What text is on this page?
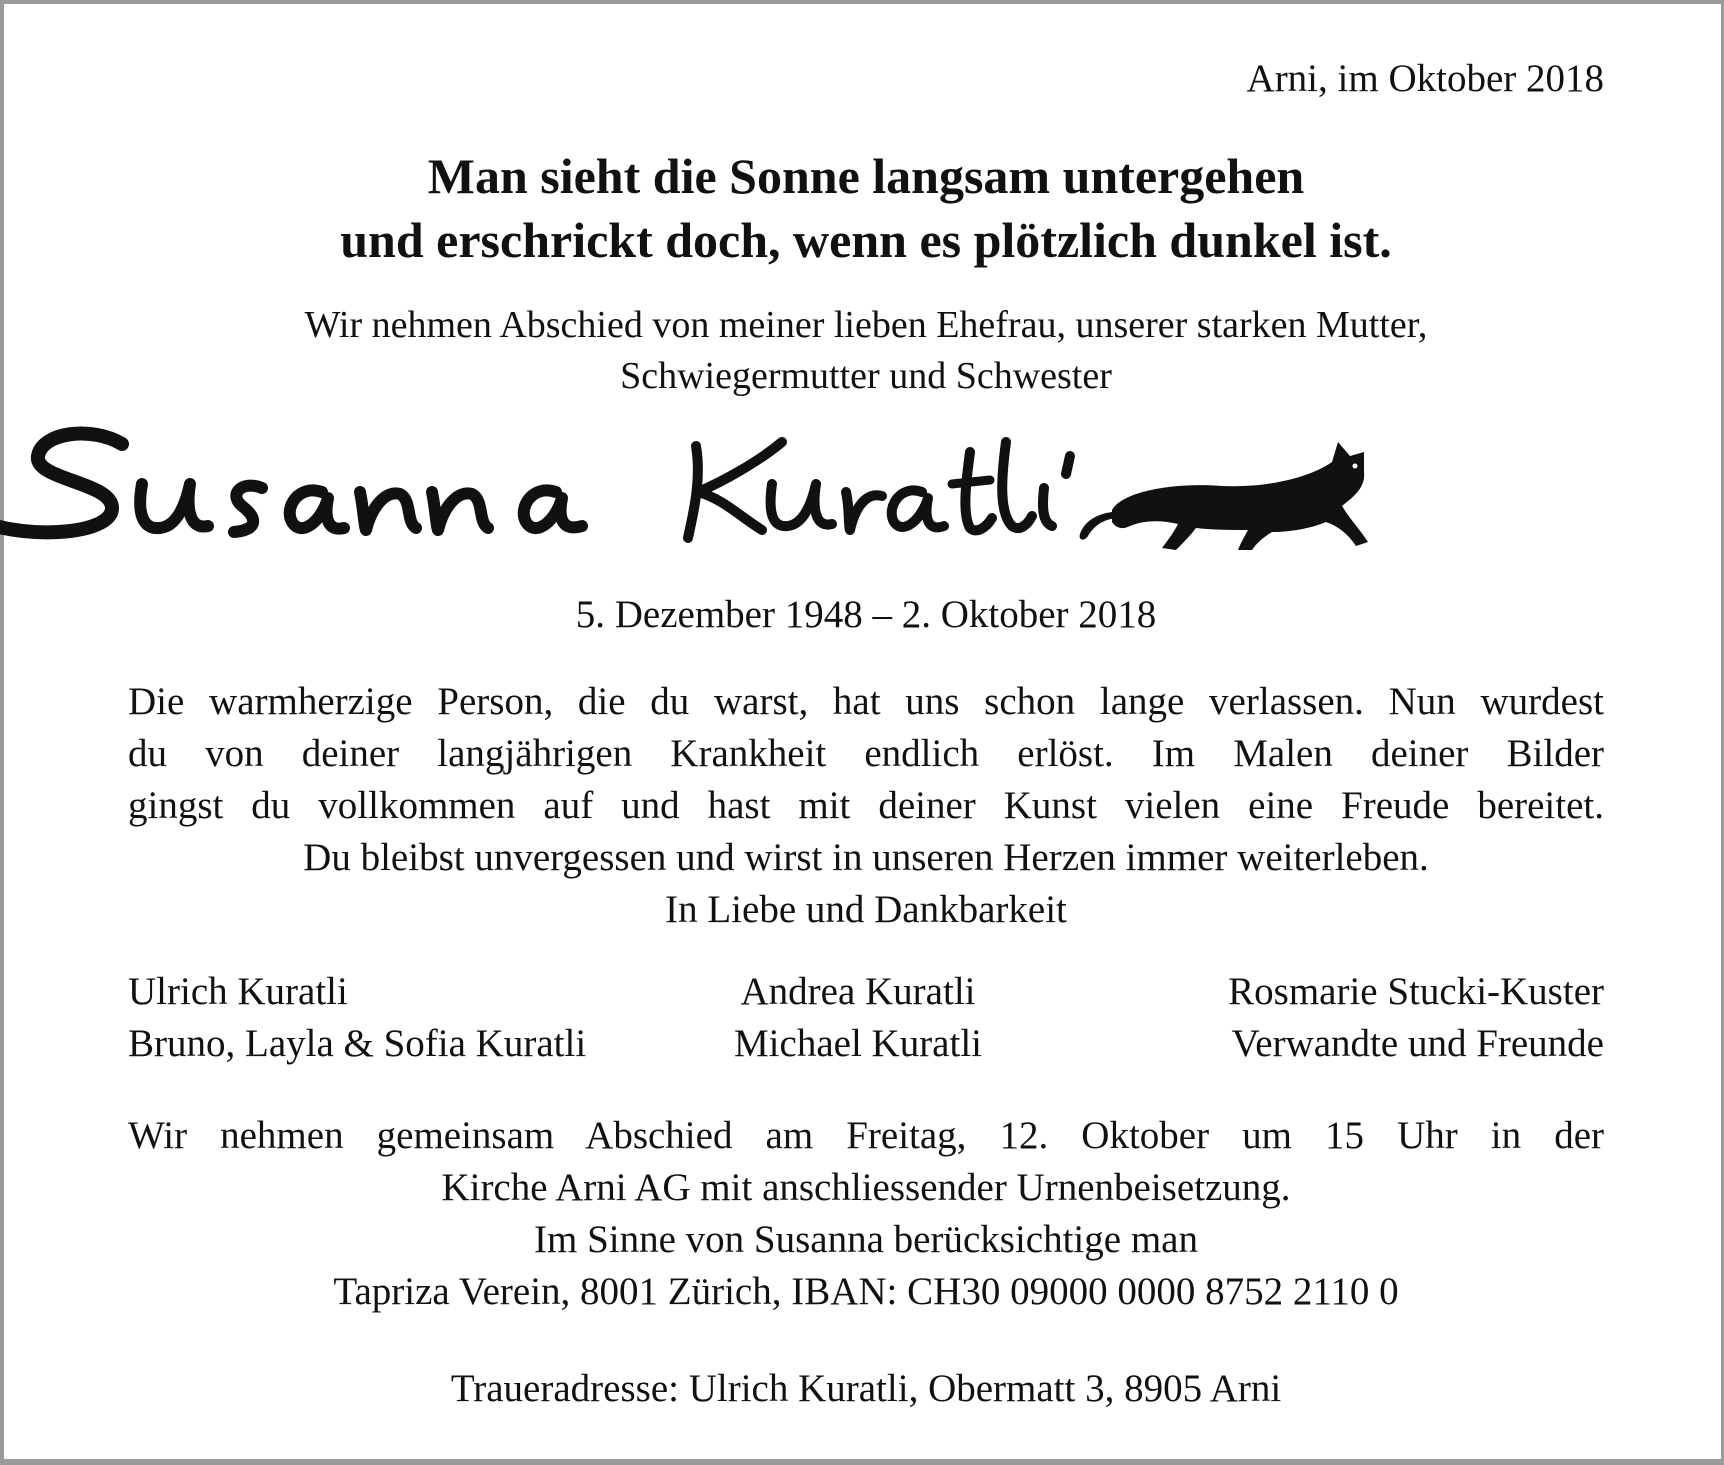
Arni, im Oktober 2018
Man sieht die Sonne langsam untergehen
und erschrickt doch, wenn es plötzlich dunkel ist.
Wir nehmen Abschied von meiner lieben Ehefrau, unserer starken Mutter,
Schwiegermutter und Schwester
5. Dezember 1948 – 2. Oktober 2018
Die warmherzige Person, die du warst, hat uns schon lange verlassen. Nun wurdest
du von deiner langjährigen Krankheit endlich erlöst. Im Malen deiner Bilder
gingst du vollkommen auf und hast mit deiner Kunst vielen eine Freude bereitet.
Du bleibst unvergessen und wirst in unseren Herzen immer weiterleben.
In Liebe und Dankbarkeit
Ulrich Kuratli
Bruno, Layla & Sofia Kuratli
Andrea Kuratli
Michael Kuratli
Rosmarie Stucki-Kuster
Verwandte und Freunde
Wir nehmen gemeinsam Abschied am Freitag, 12. Oktober um 15 Uhr in der
Kirche Arni AG mit anschliessender Urnenbeisetzung.
Im Sinne von Susanna berücksichtige man
Tapriza Verein, 8001 Zürich, IBAN: CH30 09000 0000 8752 2110 0
Traueradresse: Ulrich Kuratli, Obermatt 3, 8905 Arni
